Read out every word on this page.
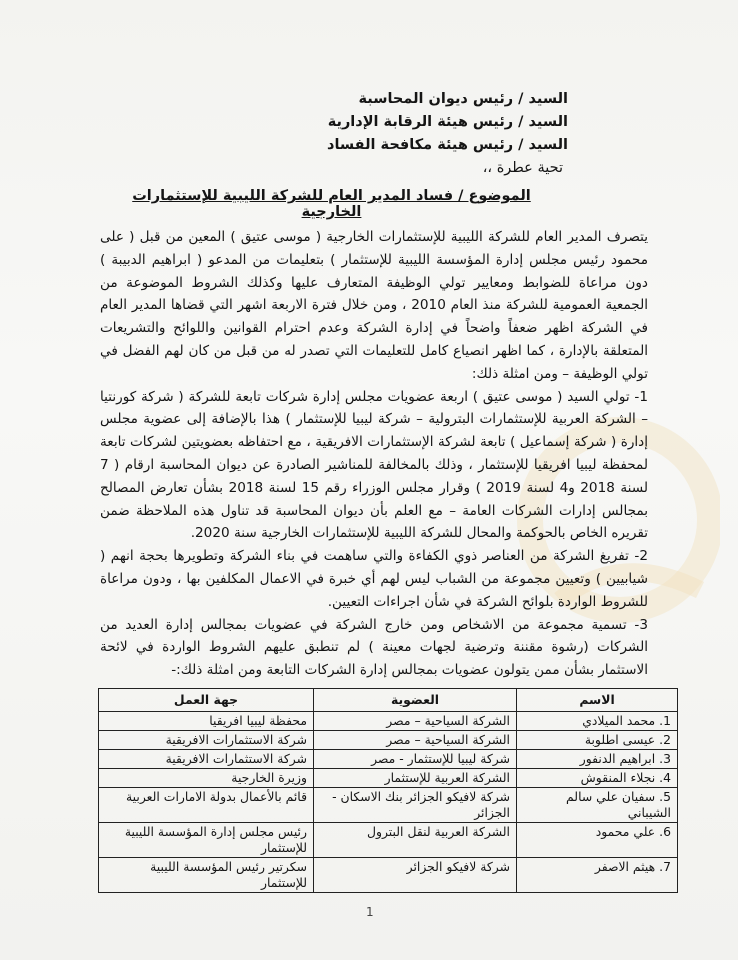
السيد / رئيس ديوان المحاسبة
السيد / رئيس هيئة الرقابة الإدارية
السيد / رئيس هيئة مكافحة الفساد
تحية عطرة ،،
الموضوع / فساد المدير العام للشركة الليبية للإستثمارات الخارجية

يتصرف المدير العام للشركة الليبية للإستثمارات الخارجية ( موسى عتيق ) المعين من قبل ( على محمود رئيس مجلس إدارة المؤسسة الليبية للإستثمار ) بتعليمات من المدعو ( ابراهيم الدبيبة ) دون مراعاة للضوابط ومعايير تولي الوظيفة المتعارف عليها وكذلك الشروط الموضوعة من الجمعية العمومية للشركة منذ العام 2010 ، ومن خلال فترة الاربعة اشهر التي قضاها المدير العام في الشركة اظهر ضعفاً واضحاً في إدارة الشركة وعدم احترام القوانين واللوائح والتشريعات المتعلقة بالإدارة ، كما اظهر انصياع كامل للتعليمات التي تصدر له من قبل من كان لهم الفضل في تولي الوظيفة – ومن امثلة ذلك:

1- تولي السيد ( موسى عتيق ) اربعة عضويات مجلس إدارة شركات تابعة للشركة ( شركة كورنتيا – الشركة العربية للإستثمارات البترولية – شركة ليبيا للإستثمار ) هذا بالإضافة إلى عضوية مجلس إدارة ( شركة إسماعيل ) تابعة لشركة الإستثمارات الافريقية ، مع احتفاظه بعضويتين لشركات تابعة لمحفظة ليبيا افريقيا للإستثمار ، وذلك بالمخالفة للمناشير الصادرة عن ديوان المحاسبة ارقام ( 7 لسنة 2018 و4 لسنة 2019 ) وقرار مجلس الوزراء رقم 15 لسنة 2018 بشأن تعارض المصالح بمجالس إدارات الشركات العامة – مع العلم بأن ديوان المحاسبة قد تناول هذه الملاحظة ضمن تقريره الخاص بالحوكمة والمحال للشركة الليبية للإستثمارات الخارجية سنة 2020.

2- تفريغ الشركة من العناصر ذوي الكفاءة والتي ساهمت في بناء الشركة وتطويرها بحجة انهم ( شيابيين ) وتعيين مجموعة من الشباب ليس لهم أي خبرة في الاعمال المكلفين بها ، ودون مراعاة للشروط الواردة بلوائح الشركة في شأن اجراءات التعيين.

3- تسمية مجموعة من الاشخاص ومن خارج الشركة في عضويات بمجالس إدارة العديد من الشركات (رشوة مقننة وترضية لجهات معينة ) لم تنطبق عليهم الشروط الواردة في لائحة الاستثمار بشأن ممن يتولون عضويات بمجالس إدارة الشركات التابعة ومن امثلة ذلك:-

الاسم	العضوية	جهة العمل
1. محمد الميلادي	الشركة السياحية – مصر	محفظة ليبيا افريقيا
2. عيسى اطلوبة	الشركة السياحية – مصر	شركة الاستثمارات الافريقية
3. ابراهيم الدنفور	شركة ليبيا للإستثمار - مصر	شركة الاستثمارات الافريقية
4. نجلاء المنقوش	الشركة العربية للإستثمار	وزيرة الخارجية
5. سفيان علي سالم الشيباني	شركة لافيكو الجزائر بنك الاسكان - الجزائر	قائم بالأعمال بدولة الامارات العربية
6. علي محمود	الشركة العربية لنقل البترول	رئيس مجلس إدارة المؤسسة الليبية للإستثمار
7. هيثم الاصفر	شركة لافيكو الجزائر	سكرتير رئيس المؤسسة الليبية للإستثمار
1
